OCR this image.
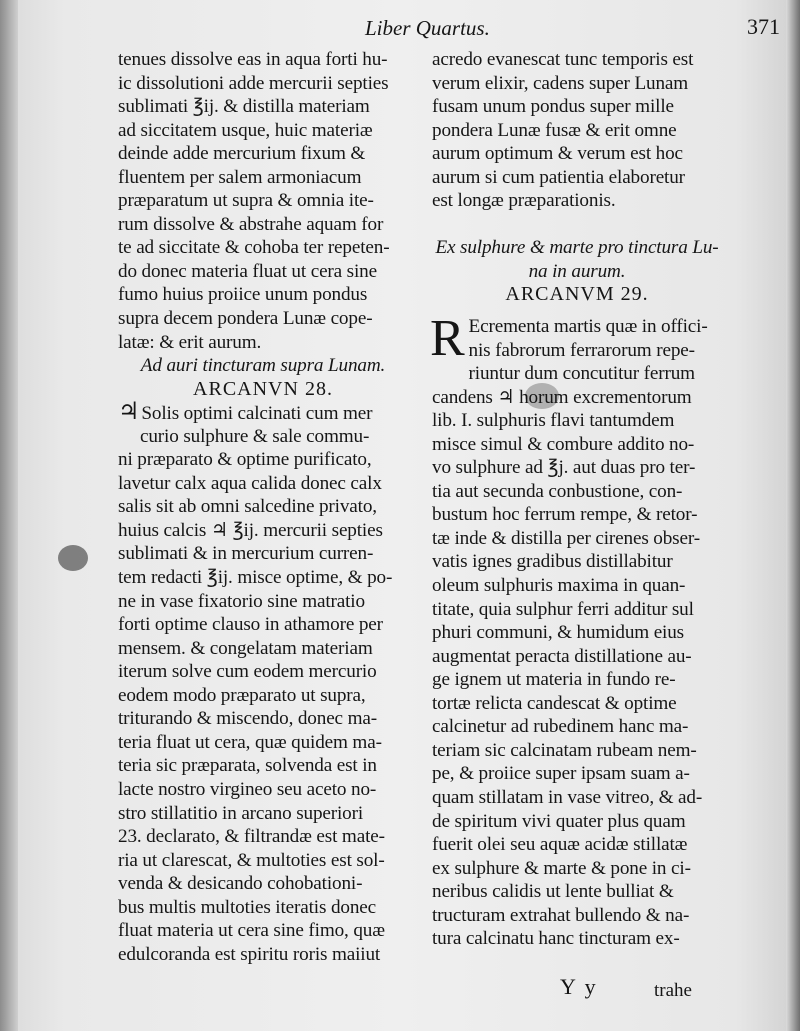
Liber Quartus.	371
tenues dissolve eas in aqua forti hu-
ic dissolutioni adde mercurii septies
sublimati ℥ij. & distilla materiam
ad siccitatem usque, huic materiæ
deinde adde mercurium fixum &
fluentem per salem armoniacum
præparatum ut supra & omnia ite-
rum dissolve & abstrahe aquam for
te ad siccitate & cohoba ter repeten-
do donec materia fluat ut cera sine
fumo huius proiice unum pondus
supra decem pondera Lunæ cope-
latæ: & erit aurum.
Ad auri tincturam supra Lunam.
ARCANVN 28.
♃ Solis optimi calcinati cum mer
curio sulphure & sale commu-
ni præparato & optime purificato,
lavetur calx aqua calida donec calx
salis sit ab omni salcedine privato,
huius calcis ♃ ℥ij. mercurii septies
sublimati & in mercurium curren-
tem redacti ℥ij. misce optime, & po-
ne in vase fixatorio sine matratio
forti optime clauso in athamore per
mensem. & congelatam materiam
iterum solve cum eodem mercurio
eodem modo præparato ut supra,
triturando & miscendo, donec ma-
teria fluat ut cera, quæ quidem ma-
teria sic præparata, solvenda est in
lacte nostro virgineo seu aceto no-
stro stillatitio in arcano superiori
23. declarato, & filtrandæ est mate-
ria ut clarescat, & multoties est sol-
venda & desicando cohobationi-
bus multis multoties iteratis donec
fluat materia ut cera sine fimo, quæ
edulcoranda est spiritu roris maiiut
acredo evanescat tunc temporis est
verum elixir, cadens super Lunam
fusam unum pondus super mille
pondera Lunæ fusæ & erit omne
aurum optimum & verum est hoc
aurum si cum patientia elaboretur
est longæ præparationis.
Ex sulphure & marte pro tinctura Lu-
na in aurum.
ARCANVM 29.
R Ecrementa martis quæ in offici-
nis fabrorum ferrarorum repe-
riuntur dum concutitur ferrum
candens ♃ horum excrementorum
lib. I. sulphuris flavi tantumdem
misce simul & combure addito no-
vo sulphure ad ℥j. aut duas pro ter-
tia aut secunda conbustione, con-
bustum hoc ferrum rempe, & retor-
tæ inde & distilla per cirenes obser-
vatis ignes gradibus distillabitur
oleum sulphuris maxima in quan-
titate, quia sulphur ferri additur sul
phuri communi, & humidum eius
augmentat peracta distillatione au-
ge ignem ut materia in fundo re-
tortæ relicta candescat & optime
calcinetur ad rubedinem hanc ma-
teriam sic calcinatam rubeam nem-
pe, & proiice super ipsam suam a-
quam stillatam in vase vitreo, & ad-
de spiritum vivi quater plus quam
fuerit olei seu aquæ acidæ stillatæ
ex sulphure & marte & pone in ci-
neribus calidis ut lente bulliat &
tructuram extrahat bullendo & na-
tura calcinatu hanc tincturam ex-
Y y	trahe
